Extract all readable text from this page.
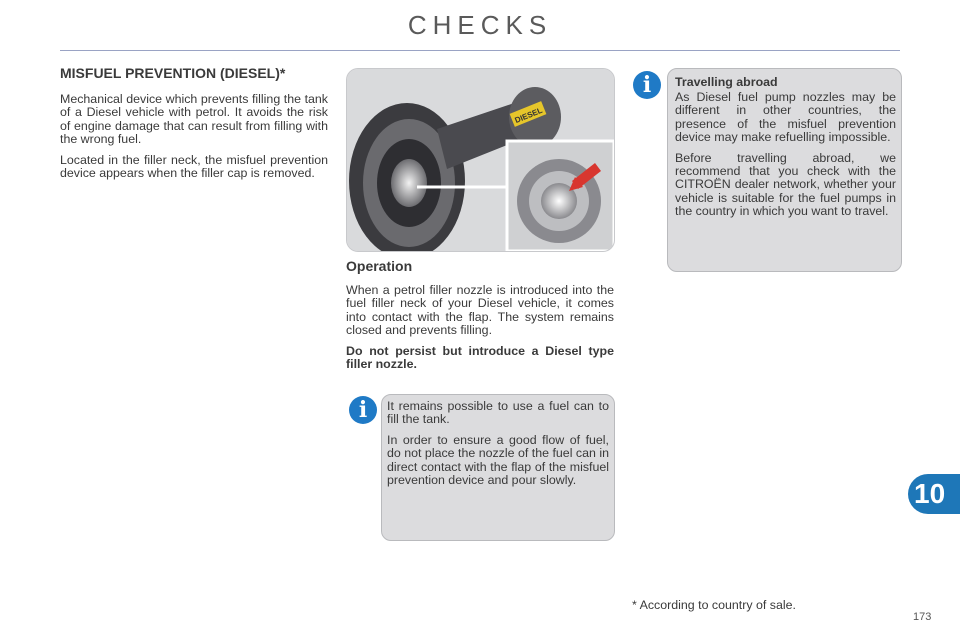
CHECKS
MISFUEL PREVENTION (DIESEL)*

Mechanical device which prevents filling the tank of a Diesel vehicle with petrol. It avoids the risk of engine damage that can result from filling with the wrong fuel.

Located in the filler neck, the misfuel prevention device appears when the filler cap is removed.

DIESEL
Operation

When a petrol filler nozzle is introduced into the fuel filler neck of your Diesel vehicle, it comes into contact with the flap. The system remains closed and prevents filling.

Do not persist but introduce a Diesel type filler nozzle.

i	It remains possible to use a fuel can to fill the tank.

In order to ensure a good flow of fuel, do not place the nozzle of the fuel can in direct contact with the flap of the misfuel prevention device and pour slowly.

i	Travelling abroad

As Diesel fuel pump nozzles may be different in other countries, the presence of the misfuel prevention device may make refuelling impossible.

Before travelling abroad, we recommend that you check with the CITROËN dealer network, whether your vehicle is suitable for the fuel pumps in the country in which you want to travel.

* According to country of sale.
173
10
